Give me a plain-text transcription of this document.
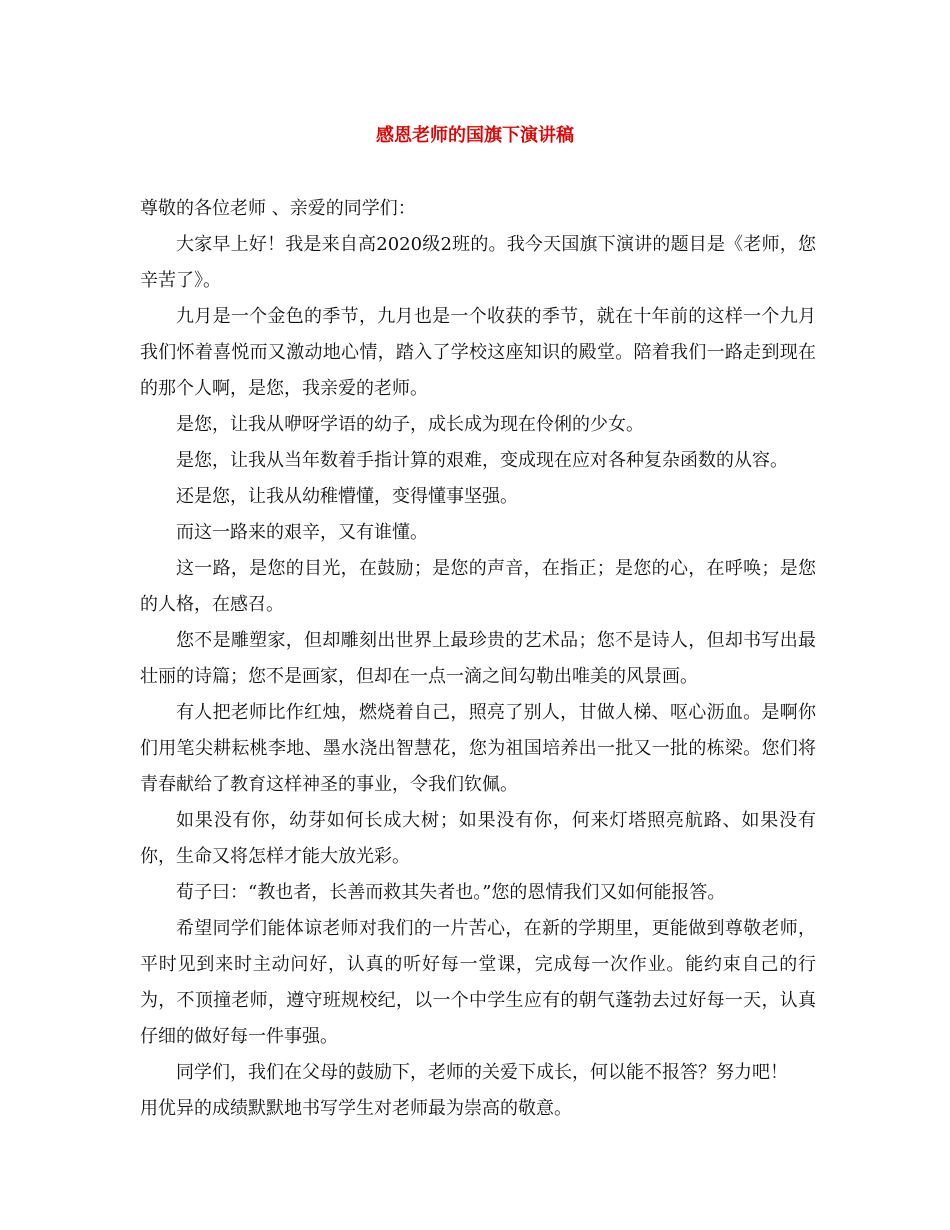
感恩老师的国旗下演讲稿

尊敬的各位老师 、亲爱的同学们：

大家早上好！我是来自高2020级2班的。我今天国旗下演讲的题目是《老师，您辛苦了》。

九月是一个金色的季节，九月也是一个收获的季节，就在十年前的这样一个九月我们怀着喜悦而又激动地心情，踏入了学校这座知识的殿堂。陪着我们一路走到现在的那个人啊，是您，我亲爱的老师。

是您，让我从咿呀学语的幼子，成长成为现在伶俐的少女。

是您，让我从当年数着手指计算的艰难，变成现在应对各种复杂函数的从容。

还是您，让我从幼稚懵懂，变得懂事坚强。

而这一路来的艰辛，又有谁懂。

这一路，是您的目光，在鼓励；是您的声音，在指正；是您的心，在呼唤；是您的人格，在感召。

您不是雕塑家，但却雕刻出世界上最珍贵的艺术品；您不是诗人，但却书写出最壮丽的诗篇；您不是画家，但却在一点一滴之间勾勒出唯美的风景画。

有人把老师比作红烛，燃烧着自己，照亮了别人，甘做人梯、呕心沥血。是啊你们用笔尖耕耘桃李地、墨水浇出智慧花，您为祖国培养出一批又一批的栋梁。您们将青春献给了教育这样神圣的事业，令我们钦佩。

如果没有你，幼芽如何长成大树；如果没有你，何来灯塔照亮航路、如果没有你，生命又将怎样才能大放光彩。

荀子曰：“教也者，长善而救其失者也。”您的恩情我们又如何能报答。

希望同学们能体谅老师对我们的一片苦心，在新的学期里，更能做到尊敬老师，平时见到来时主动问好，认真的听好每一堂课，完成每一次作业。能约束自己的行为，不顶撞老师，遵守班规校纪，以一个中学生应有的朝气蓬勃去过好每一天，认真仔细的做好每一件事强。

同学们，我们在父母的鼓励下，老师的关爱下成长，何以能不报答？努力吧！

用优异的成绩默默地书写学生对老师最为崇高的敬意。
